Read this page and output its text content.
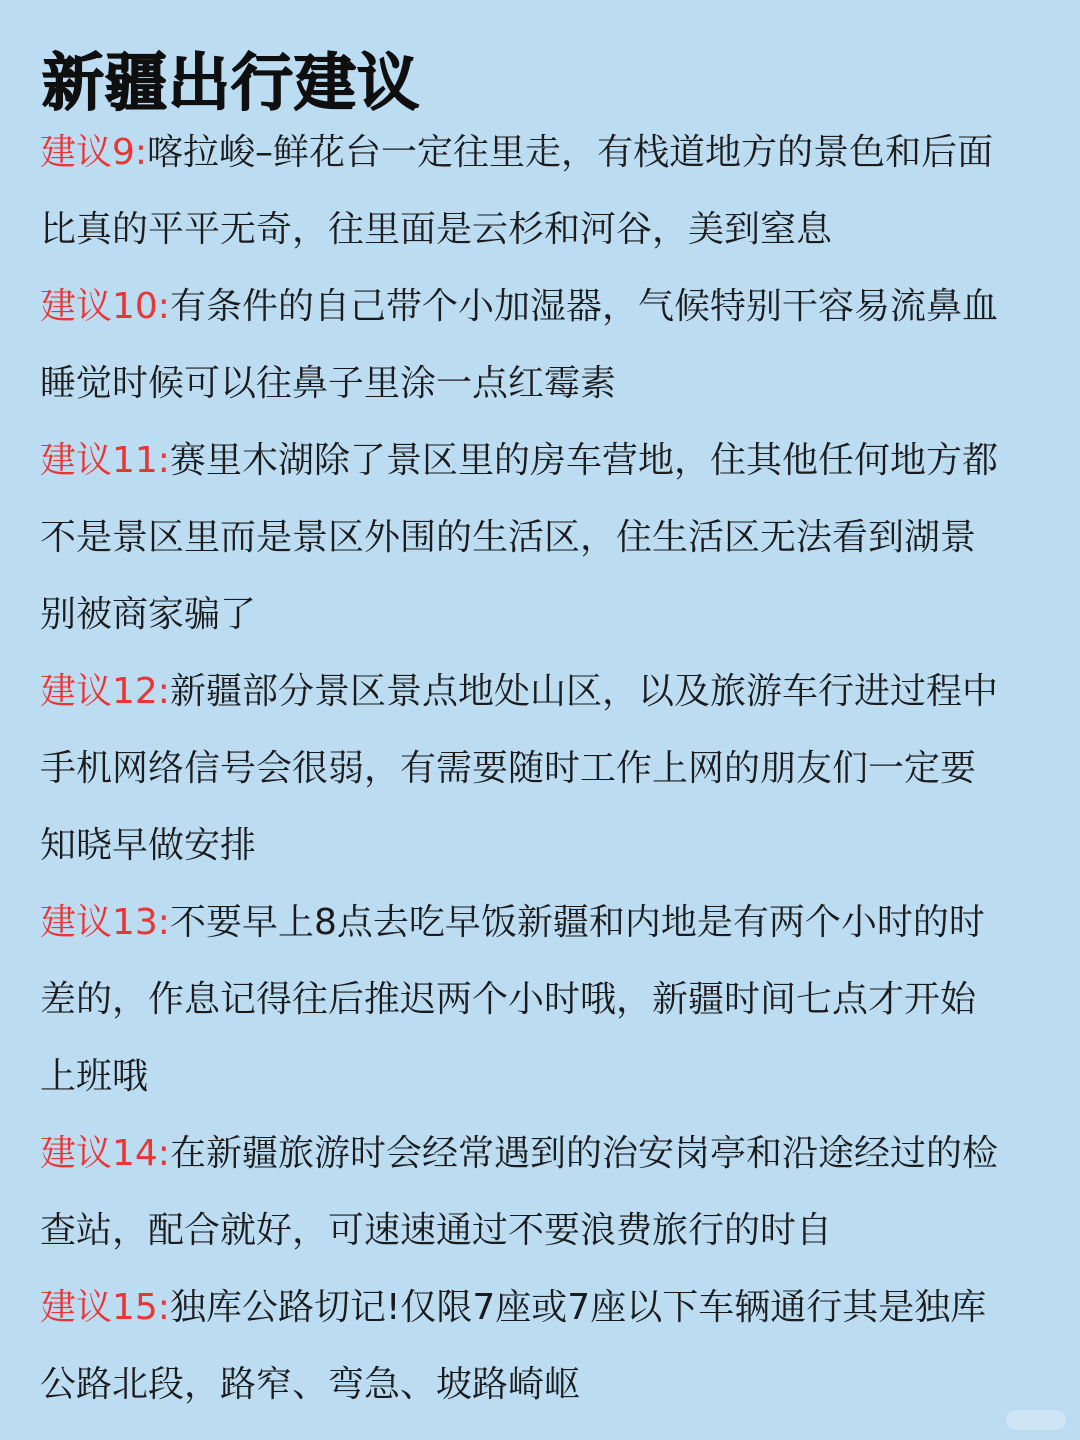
新疆出行建议
建议9:喀拉峻–鲜花台一定往里走，有栈道地方的景色和后面
比真的平平无奇，往里面是云杉和河谷，美到窒息
建议10:有条件的自己带个小加湿器，气候特别干容易流鼻血
睡觉时候可以往鼻子里涂一点红霉素
建议11:赛里木湖除了景区里的房车营地，住其他任何地方都
不是景区里而是景区外围的生活区，住生活区无法看到湖景
别被商家骗了
建议12:新疆部分景区景点地处山区，以及旅游车行进过程中
手机网络信号会很弱，有需要随时工作上网的朋友们一定要
知晓早做安排
建议13:不要早上8点去吃早饭新疆和内地是有两个小时的时
差的，作息记得往后推迟两个小时哦，新疆时间七点才开始
上班哦
建议14:在新疆旅游时会经常遇到的治安岗亭和沿途经过的检
查站，配合就好，可速速通过不要浪费旅行的时自
建议15:独库公路切记!仅限7座或7座以下车辆通行其是独库
公路北段，路窄、弯急、坡路崎岖
